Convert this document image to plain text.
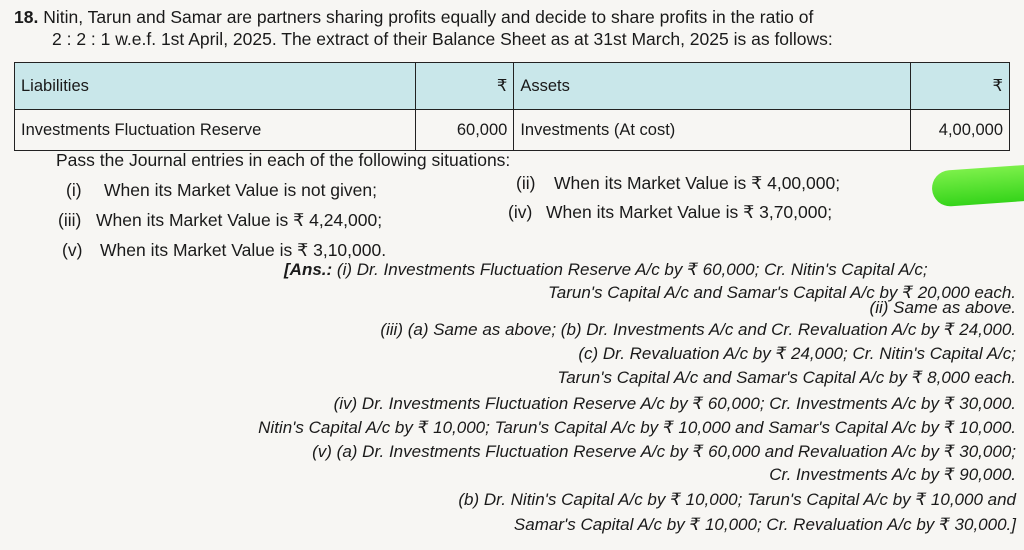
18. Nitin, Tarun and Samar are partners sharing profits equally and decide to share profits in the ratio of
2 : 2 : 1 w.e.f. 1st April, 2025. The extract of their Balance Sheet as at 31st March, 2025 is as follows:
Liabilities	₹	Assets	₹
Investments Fluctuation Reserve	60,000	Investments (At cost)	4,00,000
Pass the Journal entries in each of the following situations:
(i) When its Market Value is not given;	(ii) When its Market Value is ₹ 4,00,000;
(iii) When its Market Value is ₹ 4,24,000;	(iv) When its Market Value is ₹ 3,70,000;
(v) When its Market Value is ₹ 3,10,000.
[Ans.: (i) Dr. Investments Fluctuation Reserve A/c by ₹ 60,000; Cr. Nitin's Capital A/c;
Tarun's Capital A/c and Samar's Capital A/c by ₹ 20,000 each.
(ii) Same as above.
(iii) (a) Same as above; (b) Dr. Investments A/c and Cr. Revaluation A/c by ₹ 24,000.
(c) Dr. Revaluation A/c by ₹ 24,000; Cr. Nitin's Capital A/c;
Tarun's Capital A/c and Samar's Capital A/c by ₹ 8,000 each.
(iv) Dr. Investments Fluctuation Reserve A/c by ₹ 60,000; Cr. Investments A/c by ₹ 30,000.
Nitin's Capital A/c by ₹ 10,000; Tarun's Capital A/c by ₹ 10,000 and Samar's Capital A/c by ₹ 10,000.
(v) (a) Dr. Investments Fluctuation Reserve A/c by ₹ 60,000 and Revaluation A/c by ₹ 30,000;
Cr. Investments A/c by ₹ 90,000.
(b) Dr. Nitin's Capital A/c by ₹ 10,000; Tarun's Capital A/c by ₹ 10,000 and
Samar's Capital A/c by ₹ 10,000; Cr. Revaluation A/c by ₹ 30,000.]
